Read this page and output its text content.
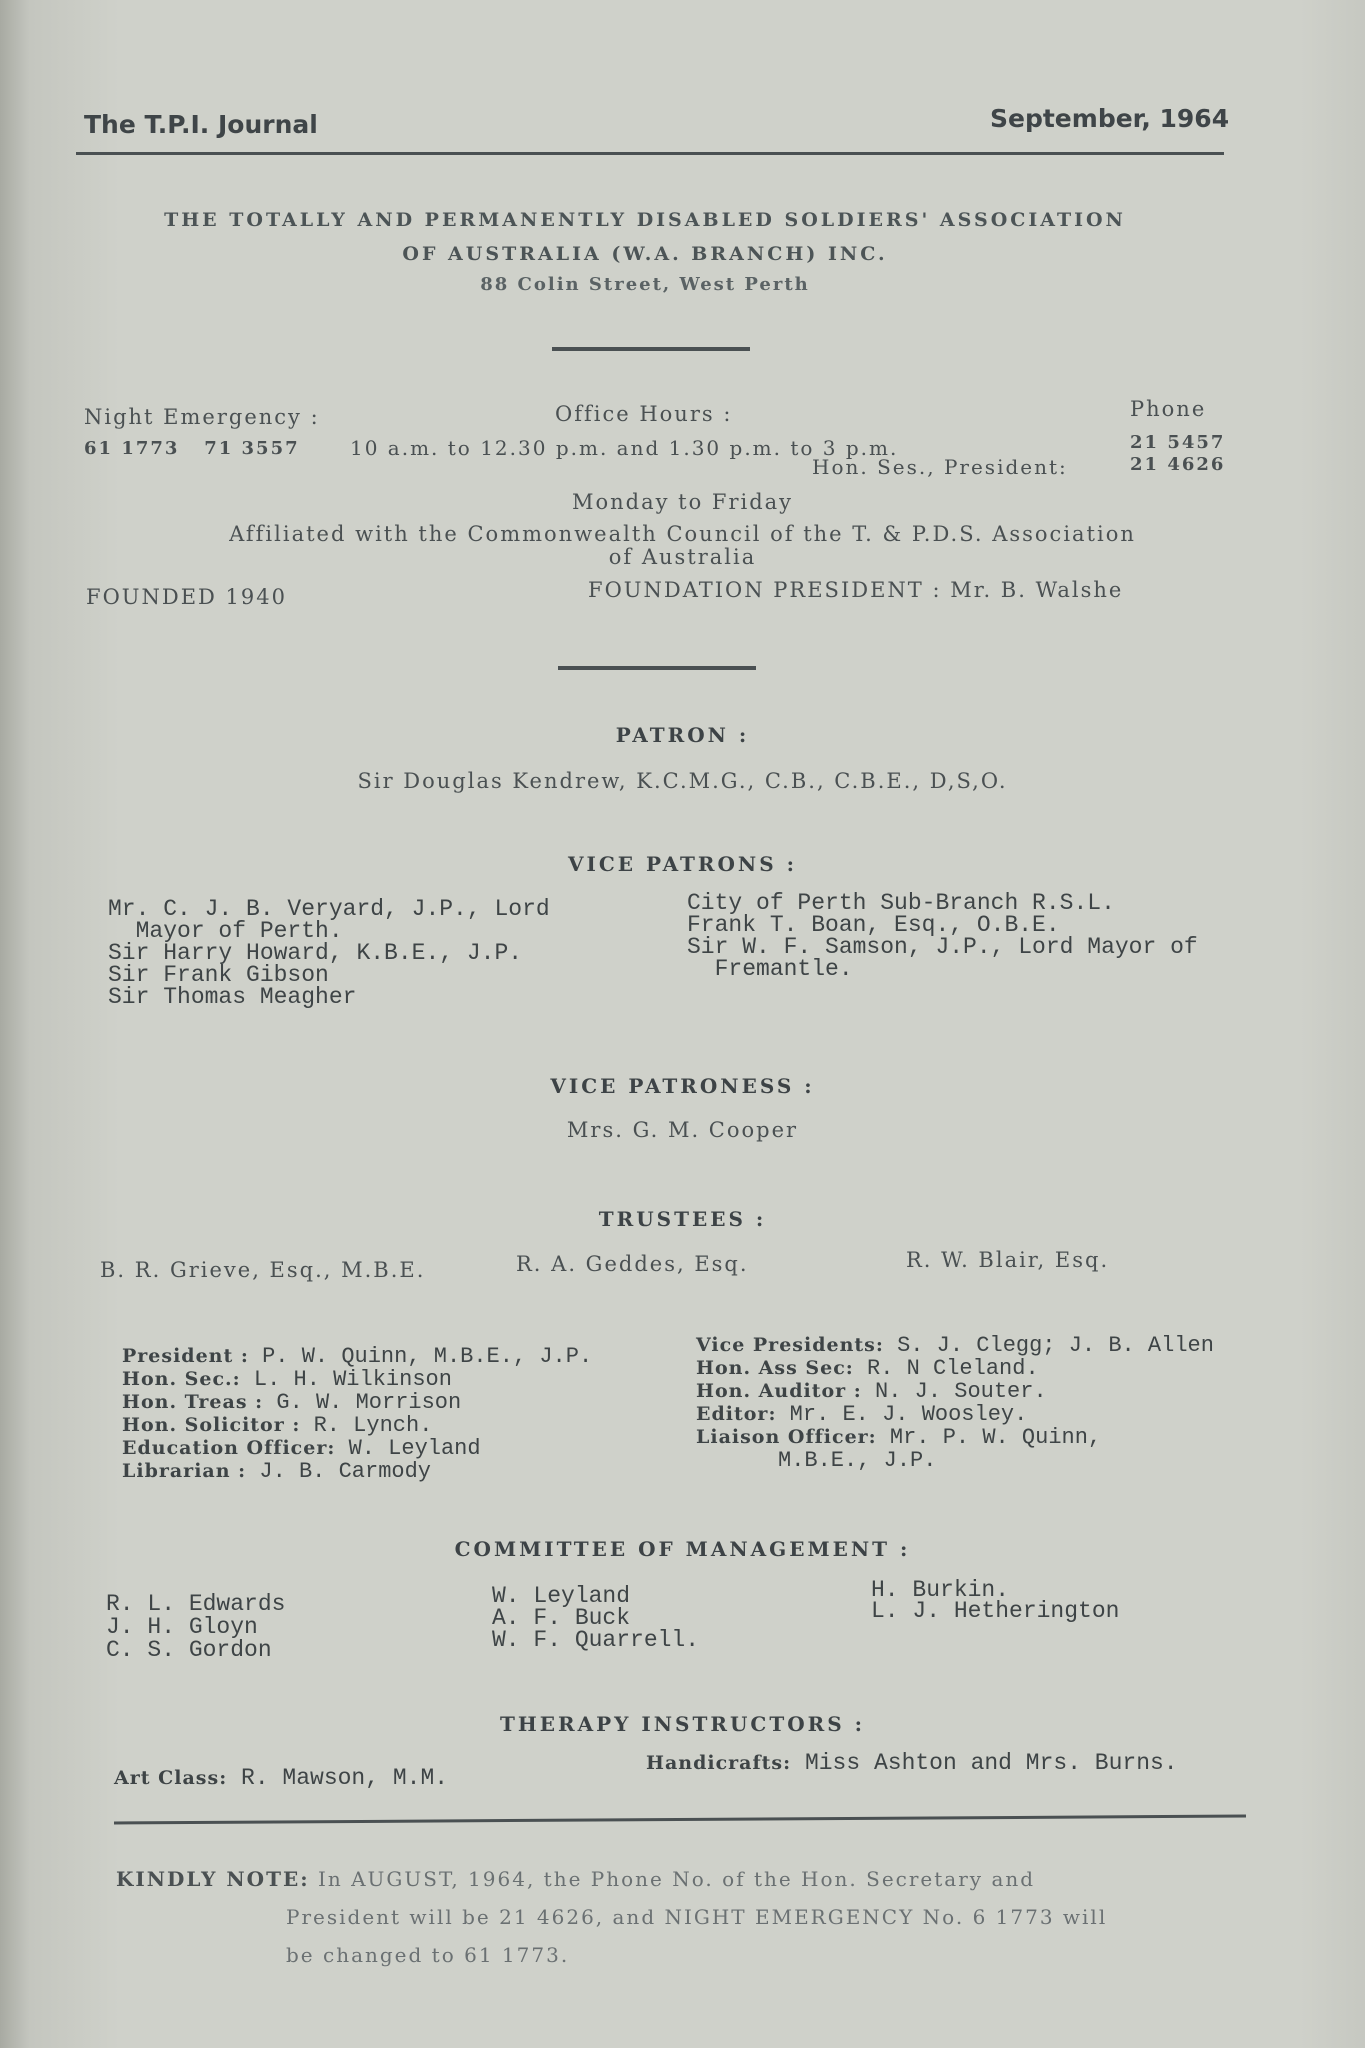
The T.P.I. Journal	September, 1964
THE TOTALLY AND PERMANENTLY DISABLED SOLDIERS' ASSOCIATION
OF AUSTRALIA (W.A. BRANCH) INC.
88 Colin Street, West Perth
Night Emergency :	Office Hours :	Phone
61 1773   71 3557	10 a.m. to 12.30 p.m. and 1.30 p.m. to 3 p.m.	21 5457
Hon. Ses., President:	21 4626
Monday to Friday
Affiliated with the Commonwealth Council of the T. & P.D.S. Association
of Australia
FOUNDED 1940	FOUNDATION PRESIDENT : Mr. B. Walshe
PATRON :
Sir Douglas Kendrew, K.C.M.G., C.B., C.B.E., D,S,O.
VICE PATRONS :
Mr. C. J. B. Veryard, J.P., Lord
Mayor of Perth.
Sir Harry Howard, K.B.E., J.P.
Sir Frank Gibson
Sir Thomas Meagher
City of Perth Sub-Branch R.S.L.
Frank T. Boan, Esq., O.B.E.
Sir W. F. Samson, J.P., Lord Mayor of
Fremantle.
VICE PATRONESS :
Mrs. G. M. Cooper
TRUSTEES :
B. R. Grieve, Esq., M.B.E.	R. A. Geddes, Esq.	R. W. Blair, Esq.
President : P. W. Quinn, M.B.E., J.P.
Hon. Sec.: L. H. Wilkinson
Hon. Treas : G. W. Morrison
Hon. Solicitor : R. Lynch.
Education Officer: W. Leyland
Librarian : J. B. Carmody
Vice Presidents: S. J. Clegg; J. B. Allen
Hon. Ass Sec: R. N Cleland.
Hon. Auditor : N. J. Souter.
Editor: Mr. E. J. Woosley.
Liaison Officer: Mr. P. W. Quinn,
M.B.E., J.P.
COMMITTEE OF MANAGEMENT :
R. L. Edwards
J. H. Gloyn
C. S. Gordon
W. Leyland
A. F. Buck
W. F. Quarrell.
H. Burkin.
L. J. Hetherington
THERAPY INSTRUCTORS :
Art Class: R. Mawson, M.M.
Handicrafts: Miss Ashton and Mrs. Burns.
KINDLY NOTE: In AUGUST, 1964, the Phone No. of the Hon. Secretary and
President will be 21 4626, and NIGHT EMERGENCY No. 6 1773 will
be changed to 61 1773.
